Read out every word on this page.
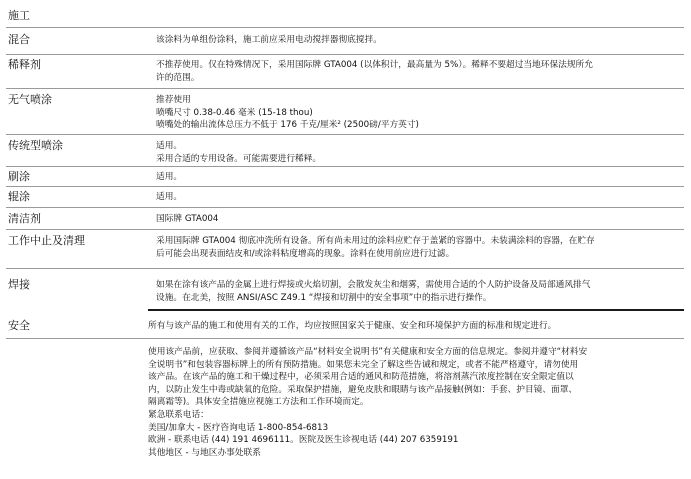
施工
混合	该涂料为单组份涂料，施工前应采用电动搅拌器彻底搅拌。
稀释剂	不推荐使用。仅在特殊情况下，采用国际牌 GTA004 (以体积计，最高量为 5%）。稀释不要超过当地环保法规所允
许的范围。
无气喷涂	推荐使用
喷嘴尺寸 0.38-0.46 毫米 (15-18 thou)
喷嘴处的输出流体总压力不低于 176 千克/厘米² (2500磅/平方英寸)
传统型喷涂	适用。
采用合适的专用设备。可能需要进行稀释。
刷涂	适用。
辊涂	适用。
清洁剂	国际牌 GTA004
工作中止及清理	采用国际牌 GTA004 彻底冲洗所有设备。所有尚未用过的涂料应贮存于盖紧的容器中。未装满涂料的容器，在贮存
后可能会出现表面结皮和/或涂料粘度增高的现象。涂料在使用前应进行过滤。
焊接	如果在涂有该产品的金属上进行焊接或火焰切割，会散发灰尘和烟雾，需使用合适的个人防护设备及局部通风排气
设施。在北美，按照 ANSI/ASC Z49.1 “焊接和切割中的安全事项”中的指示进行操作。
安全	所有与该产品的施工和使用有关的工作，均应按照国家关于健康、安全和环境保护方面的标准和规定进行。
使用该产品前，应获取、参阅并遵循该产品“材料安全说明书”有关健康和安全方面的信息规定。参阅并遵守“材料安
全说明书”和包装容器标牌上的所有预防措施。如果您未完全了解这些告诫和规定，或者不能严格遵守，请勿使用
该产品。在该产品的施工和干燥过程中，必须采用合适的通风和防范措施，将溶剂蒸汽浓度控制在安全限定值以
内，以防止发生中毒或缺氧的危险。采取保护措施，避免皮肤和眼睛与该产品接触(例如：手套、护目镜、面罩、
隔离霜等)。具体安全措施应视施工方法和工作环境而定。
紧急联系电话：
美国/加拿大 - 医疗咨询电话 1-800-854-6813
欧洲 - 联系电话 (44) 191 4696111。医院及医生诊视电话 (44) 207 6359191
其他地区 - 与地区办事处联系
